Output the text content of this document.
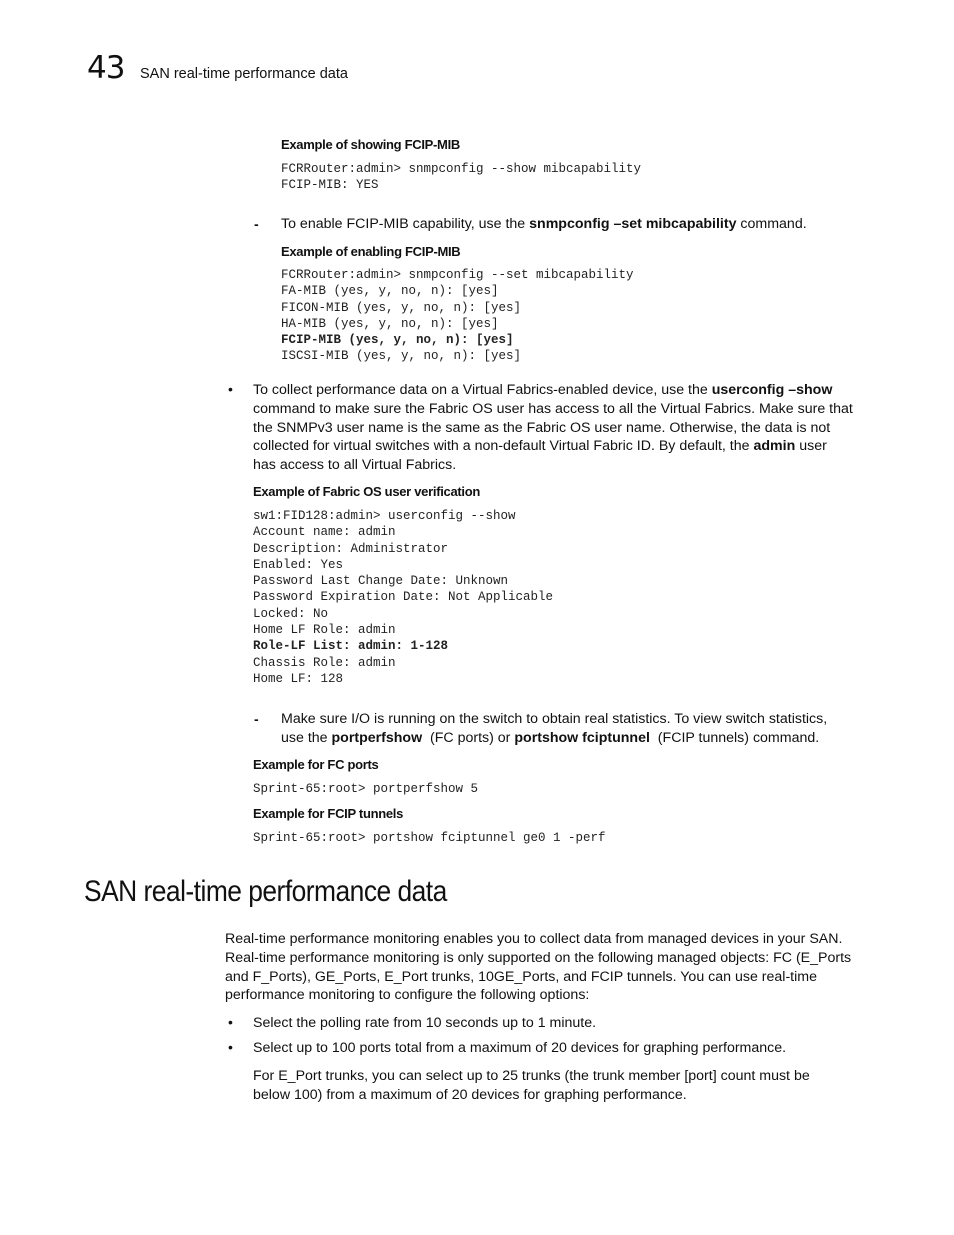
43 SAN real-time performance data
Example of showing FCIP-MIB
FCRRouter:admin> snmpconfig --show mibcapability
FCIP-MIB: YES
- To enable FCIP-MIB capability, use the snmpconfig –set mibcapability command.
Example of enabling FCIP-MIB
FCRRouter:admin> snmpconfig --set mibcapability
FA-MIB (yes, y, no, n): [yes]
FICON-MIB (yes, y, no, n): [yes]
HA-MIB (yes, y, no, n): [yes]
FCIP-MIB (yes, y, no, n): [yes]
ISCSI-MIB (yes, y, no, n): [yes]
• To collect performance data on a Virtual Fabrics-enabled device, use the userconfig –show
command to make sure the Fabric OS user has access to all the Virtual Fabrics. Make sure that
the SNMPv3 user name is the same as the Fabric OS user name. Otherwise, the data is not
collected for virtual switches with a non-default Virtual Fabric ID. By default, the admin user
has access to all Virtual Fabrics.
Example of Fabric OS user verification
sw1:FID128:admin> userconfig --show
Account name: admin
Description: Administrator
Enabled: Yes
Password Last Change Date: Unknown
Password Expiration Date: Not Applicable
Locked: No
Home LF Role: admin
Role-LF List: admin: 1-128
Chassis Role: admin
Home LF: 128
- Make sure I/O is running on the switch to obtain real statistics. To view switch statistics,
use the portperfshow  (FC ports) or portshow fciptunnel  (FCIP tunnels) command.
Example for FC ports
Sprint-65:root> portperfshow 5
Example for FCIP tunnels
Sprint-65:root> portshow fciptunnel ge0 1 -perf
SAN real-time performance data
Real-time performance monitoring enables you to collect data from managed devices in your SAN.
Real-time performance monitoring is only supported on the following managed objects: FC (E_Ports
and F_Ports), GE_Ports, E_Port trunks, 10GE_Ports, and FCIP tunnels. You can use real-time
performance monitoring to configure the following options:
• Select the polling rate from 10 seconds up to 1 minute.
• Select up to 100 ports total from a maximum of 20 devices for graphing performance.
For E_Port trunks, you can select up to 25 trunks (the trunk member [port] count must be
below 100) from a maximum of 20 devices for graphing performance.
